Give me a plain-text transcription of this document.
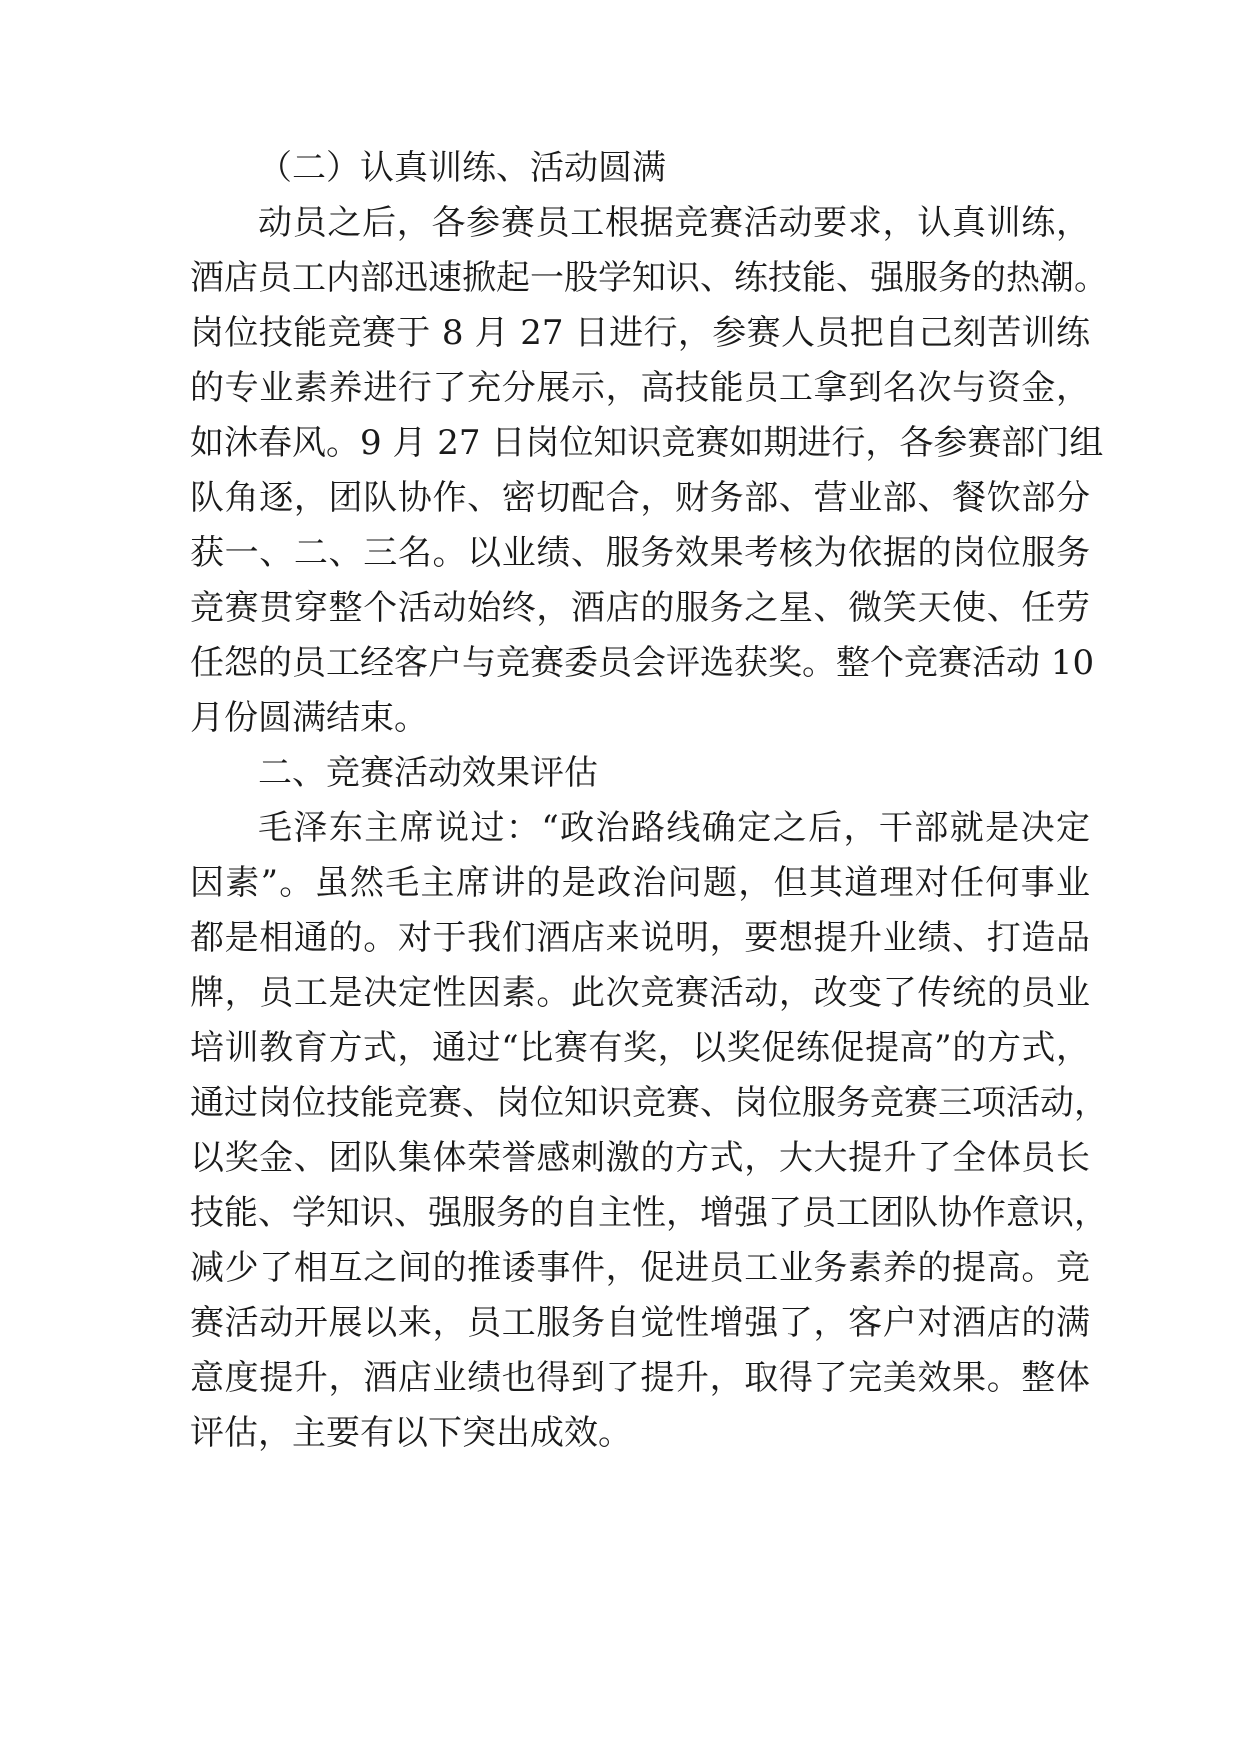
（二）认真训练、活动圆满
动员之后，各参赛员工根据竞赛活动要求，认真训练，
酒店员工内部迅速掀起一股学知识、练技能、强服务的热潮。
岗位技能竞赛于 8 月 27 日进行，参赛人员把自己刻苦训练
的专业素养进行了充分展示，高技能员工拿到名次与资金，
如沐春风。9 月 27 日岗位知识竞赛如期进行，各参赛部门组
队角逐，团队协作、密切配合，财务部、营业部、餐饮部分
获一、二、三名。以业绩、服务效果考核为依据的岗位服务
竞赛贯穿整个活动始终，酒店的服务之星、微笑天使、任劳
任怨的员工经客户与竞赛委员会评选获奖。整个竞赛活动 10
月份圆满结束。
二、竞赛活动效果评估
毛泽东主席说过：“政治路线确定之后，干部就是决定
因素”。虽然毛主席讲的是政治问题，但其道理对任何事业
都是相通的。对于我们酒店来说明，要想提升业绩、打造品
牌，员工是决定性因素。此次竞赛活动，改变了传统的员业
培训教育方式，通过“比赛有奖，以奖促练促提高”的方式，
通过岗位技能竞赛、岗位知识竞赛、岗位服务竞赛三项活动，
以奖金、团队集体荣誉感刺激的方式，大大提升了全体员长
技能、学知识、强服务的自主性，增强了员工团队协作意识，
减少了相互之间的推诿事件，促进员工业务素养的提高。竞
赛活动开展以来，员工服务自觉性增强了，客户对酒店的满
意度提升，酒店业绩也得到了提升，取得了完美效果。整体
评估，主要有以下突出成效。
